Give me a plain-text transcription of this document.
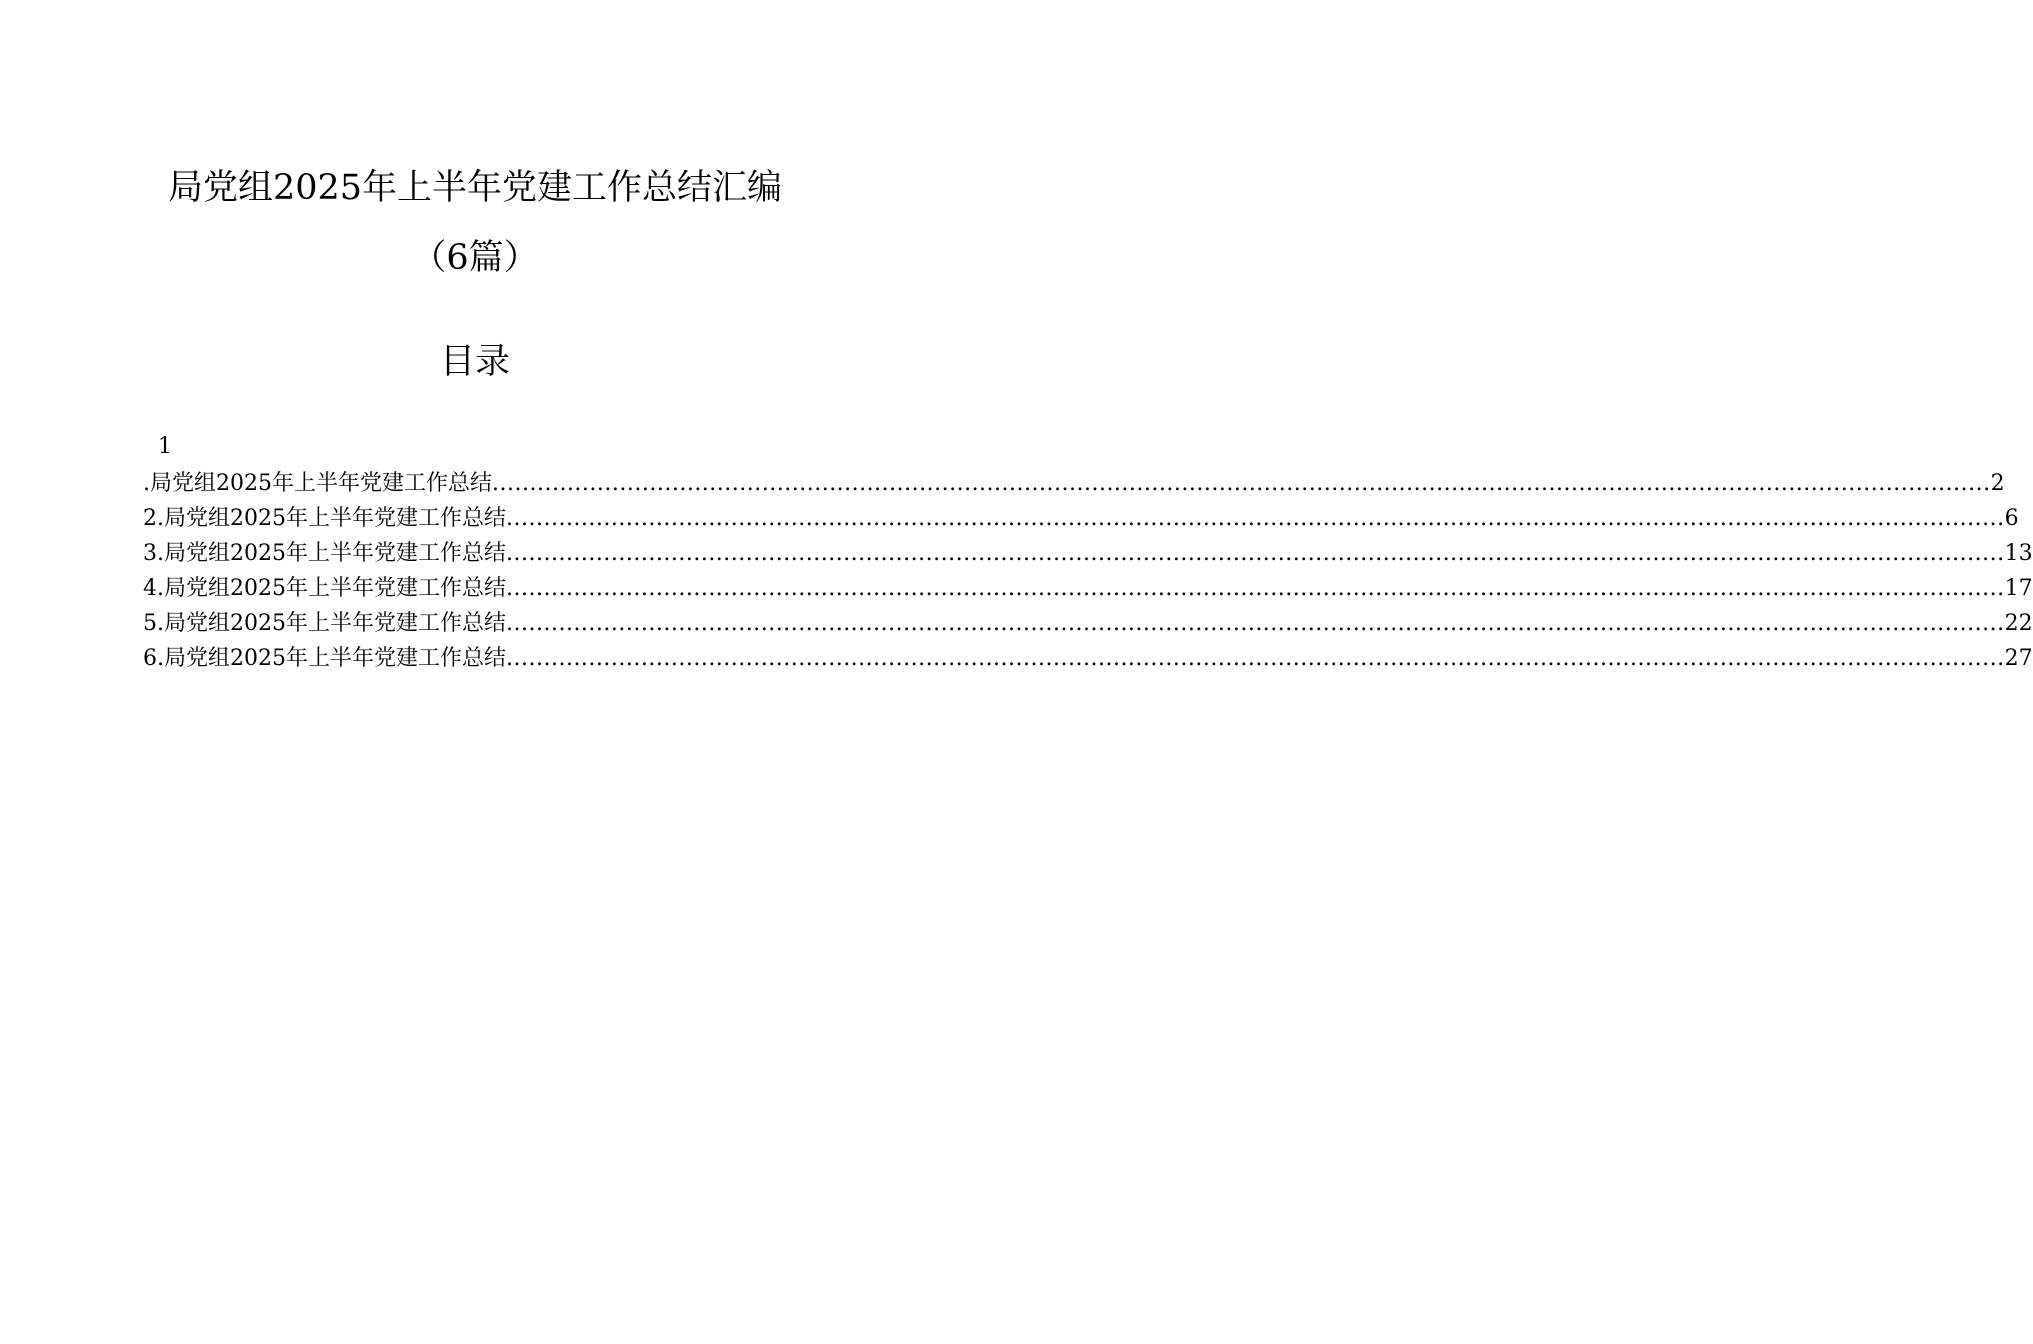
局党组2025年上半年党建工作总结汇编
（6篇）
目录
1
. 局党组2025年上半年党建工作总结 ........................................................................................................................................................................................................ 2
2. 局党组2025年上半年党建工作总结 ........................................................................................................................................................................................................ 6
3. 局党组2025年上半年党建工作总结 ........................................................................................................................................................................................................ 13
4. 局党组2025年上半年党建工作总结 ........................................................................................................................................................................................................ 17
5. 局党组2025年上半年党建工作总结 ........................................................................................................................................................................................................ 22
6. 局党组2025年上半年党建工作总结 ........................................................................................................................................................................................................ 27
